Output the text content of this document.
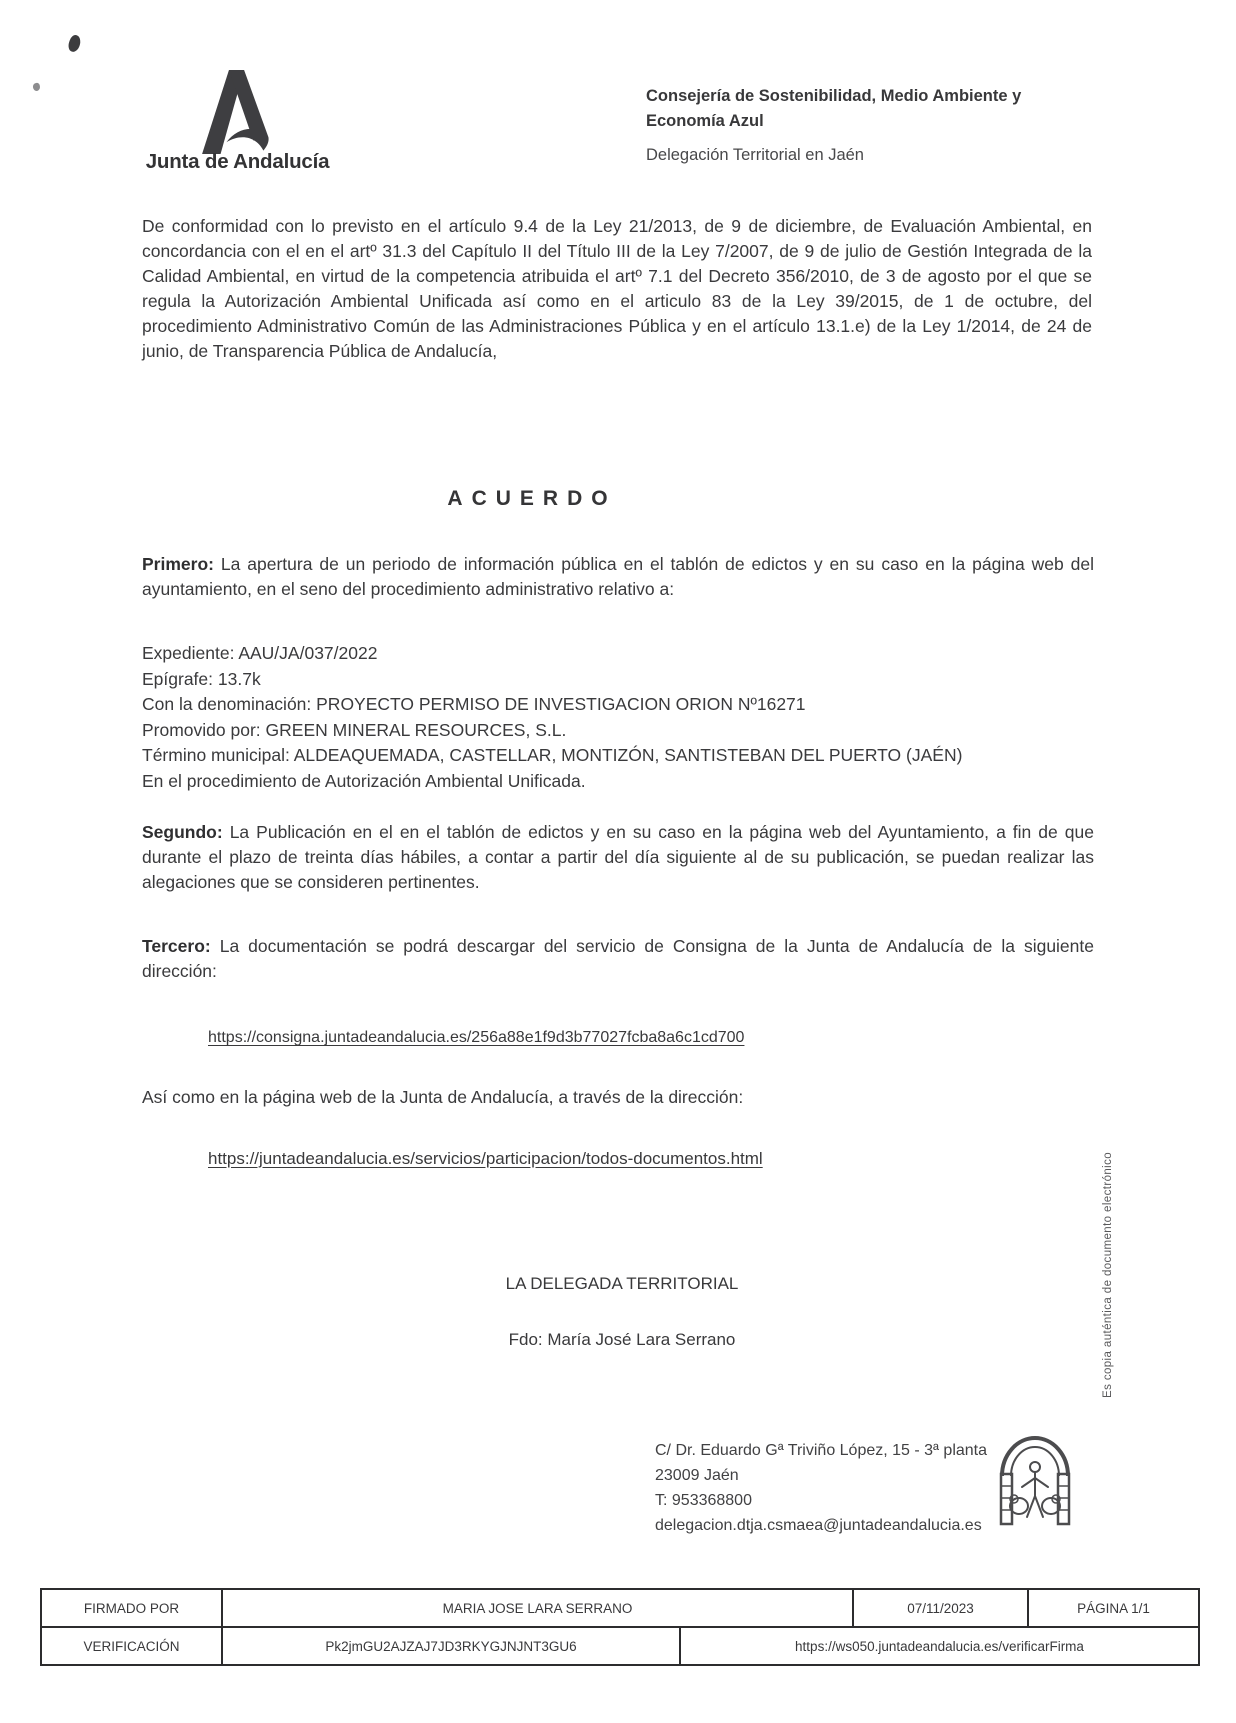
Junta de Andalucía

Consejería de Sostenibilidad, Medio Ambiente y

Economía Azul

Delegación Territorial en Jaén

De conformidad con lo previsto en el artículo 9.4 de la Ley 21/2013, de 9 de diciembre, de Evaluación Ambiental, en concordancia con el en el artº 31.3 del Capítulo II del Título III de la Ley 7/2007, de 9 de julio de Gestión Integrada de la Calidad Ambiental, en virtud de la competencia atribuida el artº 7.1 del Decreto 356/2010, de 3 de agosto por el que se regula la Autorización Ambiental Unificada así como en el articulo 83 de la Ley 39/2015, de 1 de octubre, del procedimiento Administrativo Común de las Administraciones Pública y en el artículo 13.1.e) de la Ley 1/2014, de 24 de junio, de Transparencia Pública de Andalucía,

ACUERDO

Primero: La apertura de un periodo de información pública en el tablón de edictos y en su caso en la página web del ayuntamiento, en el seno del procedimiento administrativo relativo a:

Expediente: AAU/JA/037/2022

Epígrafe: 13.7k

Con la denominación: PROYECTO PERMISO DE INVESTIGACION ORION Nº16271

Promovido por: GREEN MINERAL RESOURCES, S.L.

Término municipal: ALDEAQUEMADA, CASTELLAR, MONTIZÓN, SANTISTEBAN DEL PUERTO (JAÉN)

En el procedimiento de Autorización Ambiental Unificada.

Segundo: La Publicación en el en el tablón de edictos y en su caso en la página web del Ayuntamiento, a fin de que durante el plazo de treinta días hábiles, a contar a partir del día siguiente al de su publicación, se puedan realizar las alegaciones que se consideren pertinentes.

Tercero: La documentación se podrá descargar del servicio de Consigna de la Junta de Andalucía de la siguiente dirección:

https://consigna.juntadeandalucia.es/256a88e1f9d3b77027fcba8a6c1cd700
Así como en la página web de la Junta de Andalucía, a través de la dirección:
https://juntadeandalucia.es/servicios/participacion/todos-documentos.html
LA DELEGADA TERRITORIAL
Fdo: María José Lara Serrano

C/ Dr. Eduardo Gª Triviño López, 15 - 3ª planta

23009 Jaén

T: 953368800

delegacion.dtja.csmaea@juntadeandalucia.es

Es copia auténtica de documento electrónico
FIRMADO POR	MARIA JOSE LARA SERRANO	07/11/2023	PÁGINA 1/1
VERIFICACIÓN	Pk2jmGU2AJZAJ7JD3RKYGJNJNT3GU6	https://ws050.juntadeandalucia.es/verificarFirma
